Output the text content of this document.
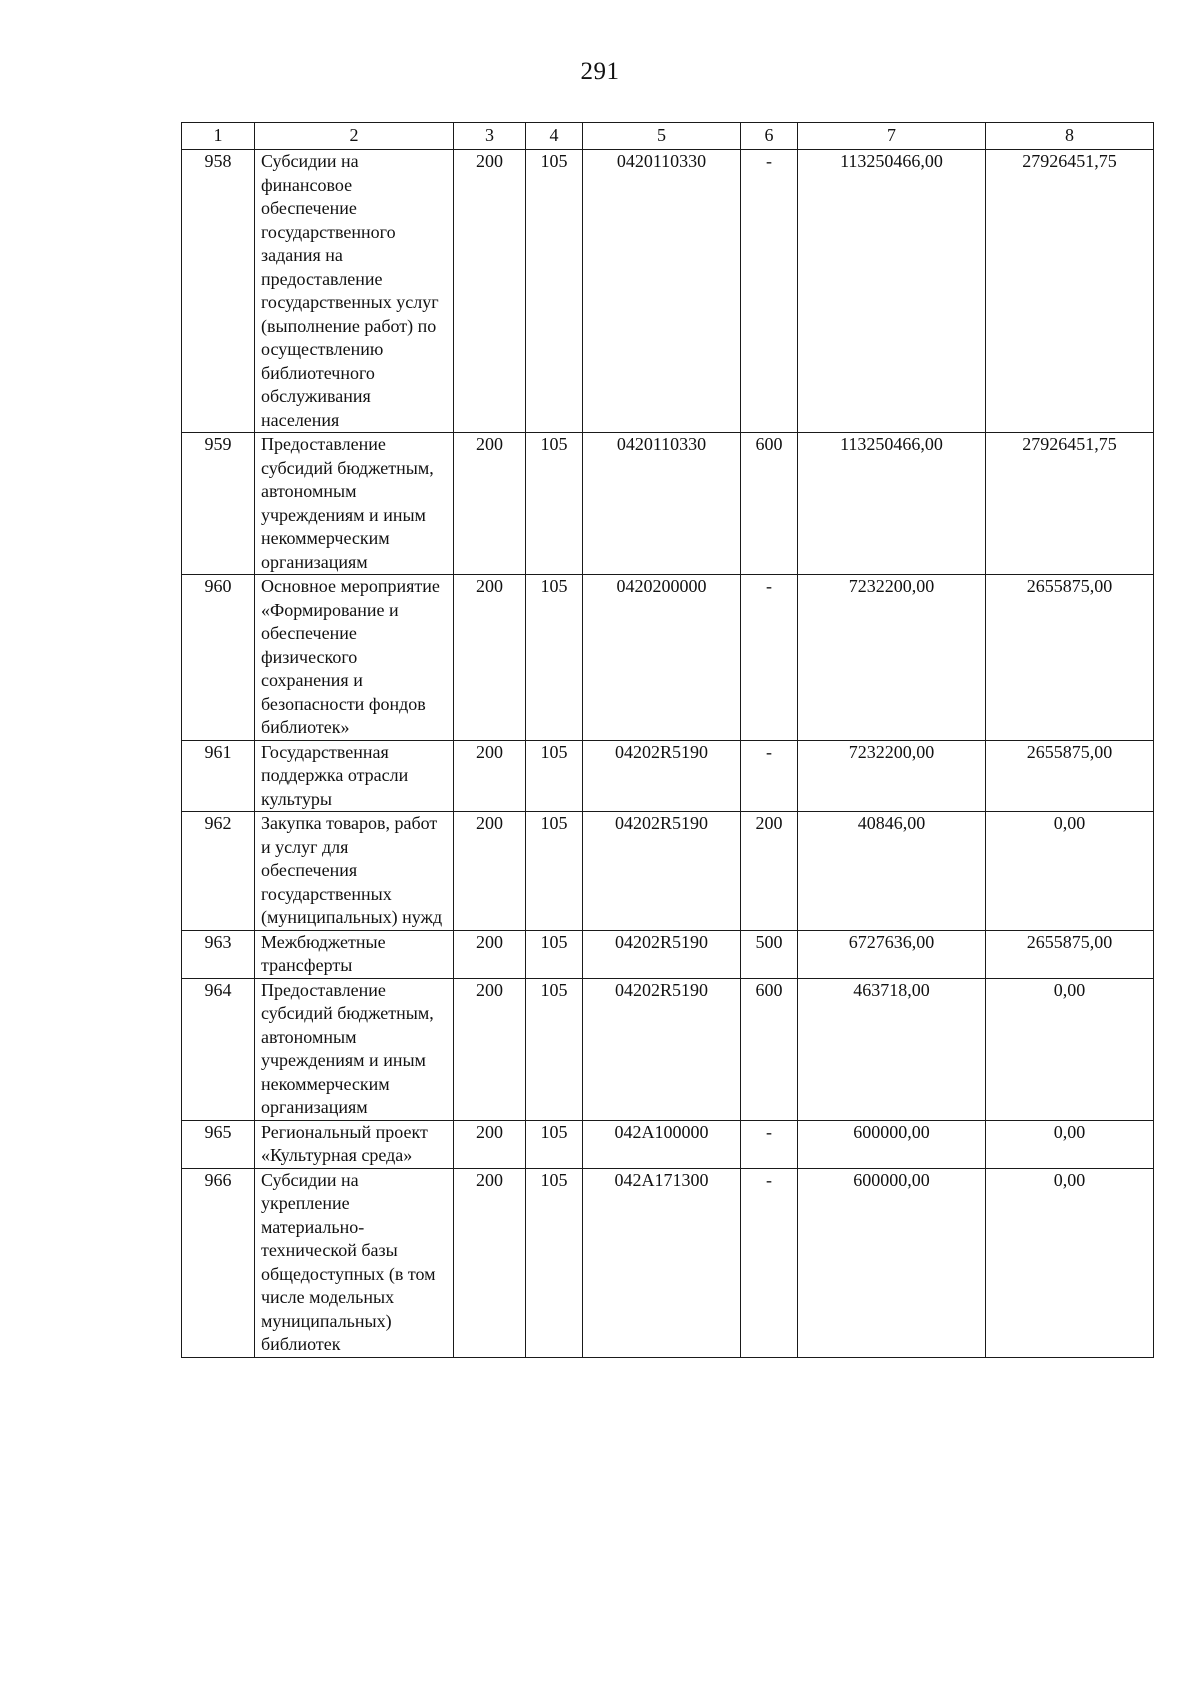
291
1	2	3	4	5	6	7	8
958	Субсидии на финансовое обеспечение государственного задания на предоставление государственных услуг (выполнение работ) по осуществлению библиотечного обслуживания населения	200	105	0420110330	-	113250466,00	27926451,75
959	Предоставление субсидий бюджетным, автономным учреждениям и иным некоммерческим организациям	200	105	0420110330	600	113250466,00	27926451,75
960	Основное мероприятие «Формирование и обеспечение физического сохранения и безопасности фондов библиотек»	200	105	0420200000	-	7232200,00	2655875,00
961	Государственная поддержка отрасли культуры	200	105	04202R5190	-	7232200,00	2655875,00
962	Закупка товаров, работ и услуг для обеспечения государственных (муниципальных) нужд	200	105	04202R5190	200	40846,00	0,00
963	Межбюджетные трансферты	200	105	04202R5190	500	6727636,00	2655875,00
964	Предоставление субсидий бюджетным, автономным учреждениям и иным некоммерческим организациям	200	105	04202R5190	600	463718,00	0,00
965	Региональный проект «Культурная среда»	200	105	042A100000	-	600000,00	0,00
966	Субсидии на укрепление материально-технической базы общедоступных (в том числе модельных муниципальных) библиотек	200	105	042A171300	-	600000,00	0,00
